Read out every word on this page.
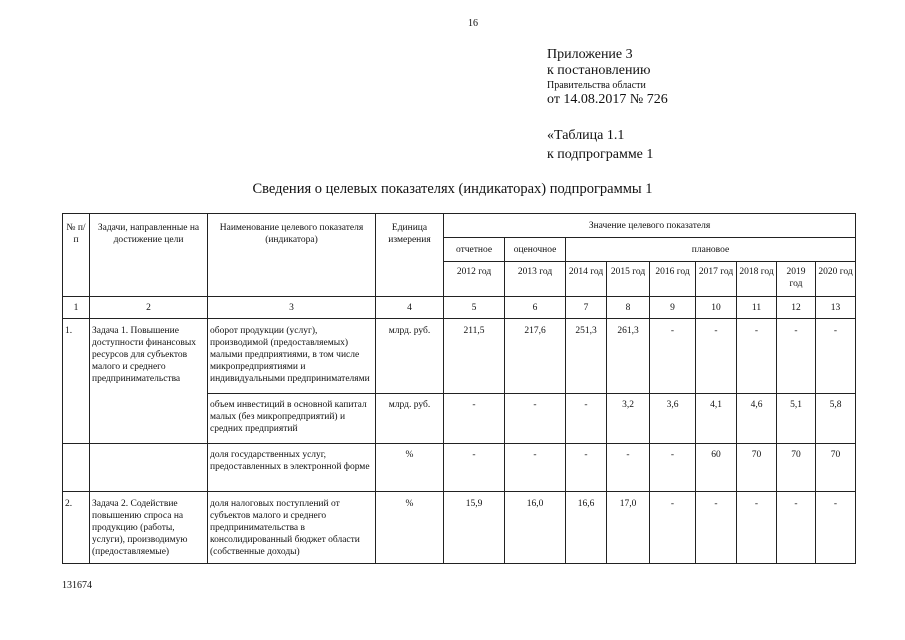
16
Приложение 3
к постановлению
Правительства области
от 14.08.2017 № 726
«Таблица 1.1
к подпрограмме 1
Сведения о целевых показателях (индикаторах) подпрограммы 1
№ п/п	Задачи, направленные на достижение цели	Наименование целевого показателя (индикатора)	Единица измерения	Значение целевого показателя								
				отчетное	оценочное	плановое						
				2012 год	2013 год	2014 год	2015 год	2016 год	2017 год	2018 год	2019 год	2020 год
1	2	3	4	5	6	7	8	9	10	11	12	13
1.	Задача 1. Повышение доступности финансовых ресурсов для субъектов малого и среднего предпринимательства	оборот продукции (услуг), производимой (предоставляемых) малыми предприятиями, в том числе микропредприятиями и индивидуальными предпринимателями	млрд. руб.	211,5	217,6	251,3	261,3	-	-	-	-	-
		объем инвестиций в основной капитал малых (без микропредприятий) и средних предприятий	млрд. руб.	-	-	-	3,2	3,6	4,1	4,6	5,1	5,8
		доля государственных услуг, предоставленных в электронной форме	%	-	-	-	-	-	60	70	70	70
2.	Задача 2. Содействие повышению спроса на продукцию (работы, услуги), производимую (предоставляемые)	доля налоговых поступлений от субъектов малого и среднего предпринимательства в консолидированный бюджет области (собственные доходы)	%	15,9	16,0	16,6	17,0	-	-	-	-	-
131674
